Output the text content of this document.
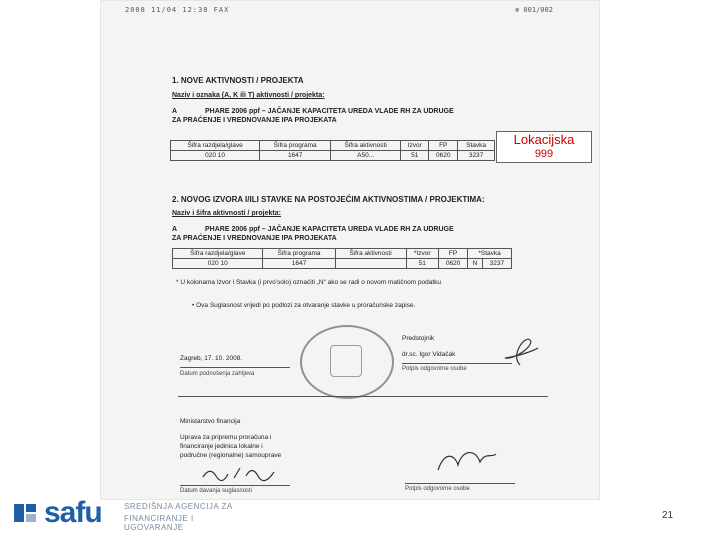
2008 11/04 12:30 FAX	⊗ 001/002
1. NOVE AKTIVNOSTI / PROJEKTA
Naziv i oznaka (A, K ili T) aktivnosti / projekta:
A	PHARE 2006 ppf – JAČANJE KAPACITETA UREDA VLADE RH ZA UDRUGE
ZA PRAĆENJE I VREDNOVANJE IPA PROJEKATA
Šifra razdjela/glave	Šifra programa	Šifra aktivnosti	Izvor	FP	Stavka
020 10	1647	A50...	51	0620	3237
Lokacijska
999
2. NOVOG IZVORA I/ILI STAVKE NA POSTOJEĆIM AKTIVNOSTIMA / PROJEKTIMA:
Naziv i šifra aktivnosti / projekta:
A	PHARE 2006 ppf – JAČANJE KAPACITETA UREDA VLADE RH ZA UDRUGE
ZA PRAĆENJE I VREDNOVANJE IPA PROJEKATA
Šifra razdjela/glave	Šifra programa	Šifra aktivnosti	*Izvor	FP	*Stavka	
020 10	1647		51	0620	N	3237
* U kolonama Izvor i Stavka (i prvo’solo) označiti „N“ ako se radi o novom matičnom podatku
• Ova Suglasnost vrijedi po podlozi za otvaranje stavke u proračunske zapise.
Predstojnik
dr.sc. Igor Vidačak
Potpis odgovorne osobe
Zagreb, 17. 10. 2008.
Datum podnošenja zahtjeva
Ministarstvo financija
Uprava za pripremu proračuna i
financiranje jedinica lokalne i
područne (regionalne) samouprave
Datum davanja suglasnosti	Potpis odgovorne osobe
safu	SREDIŠNJA AGENCIJA ZA
FINANCIRANJE I UGOVARANJE
21
